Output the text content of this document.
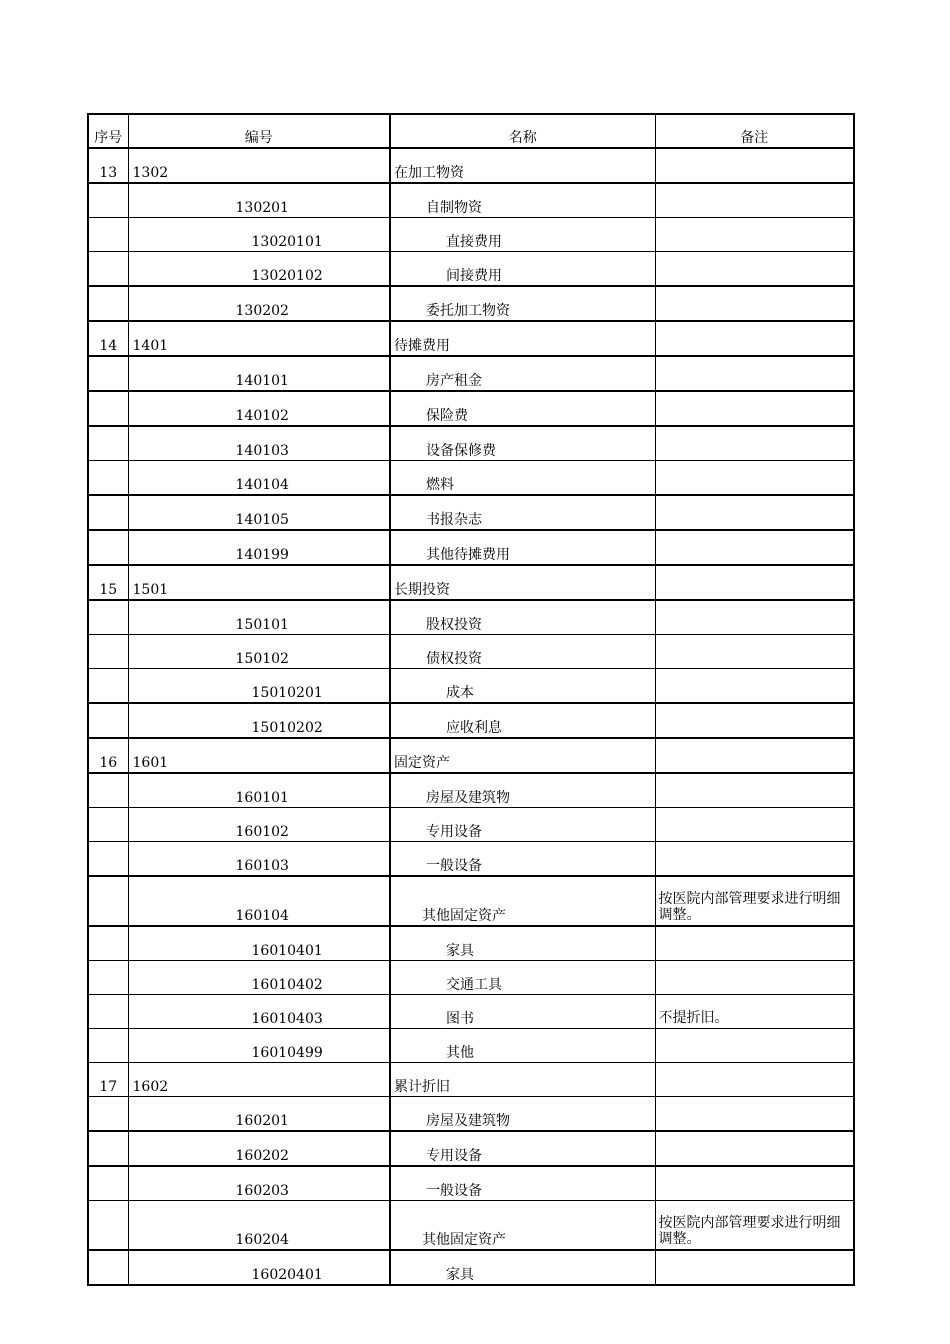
序号	编号	名称	备注
13	1302	在加工物资	
	130201	自制物资	
	13020101	直接费用	
	13020102	间接费用	
	130202	委托加工物资	
14	1401	待摊费用	
	140101	房产租金	
	140102	保险费	
	140103	设备保修费	
	140104	燃料	
	140105	书报杂志	
	140199	其他待摊费用	
15	1501	长期投资	
	150101	股权投资	
	150102	债权投资	
	15010201	成本	
	15010202	应收利息	
16	1601	固定资产	
	160101	房屋及建筑物	
	160102	专用设备	
	160103	一般设备	
	160104	其他固定资产	按医院内部管理要求进行明细调整。
	16010401	家具	
	16010402	交通工具	
	16010403	图书	不提折旧。
	16010499	其他	
17	1602	累计折旧	
	160201	房屋及建筑物	
	160202	专用设备	
	160203	一般设备	
	160204	其他固定资产	按医院内部管理要求进行明细调整。
	16020401	家具	
